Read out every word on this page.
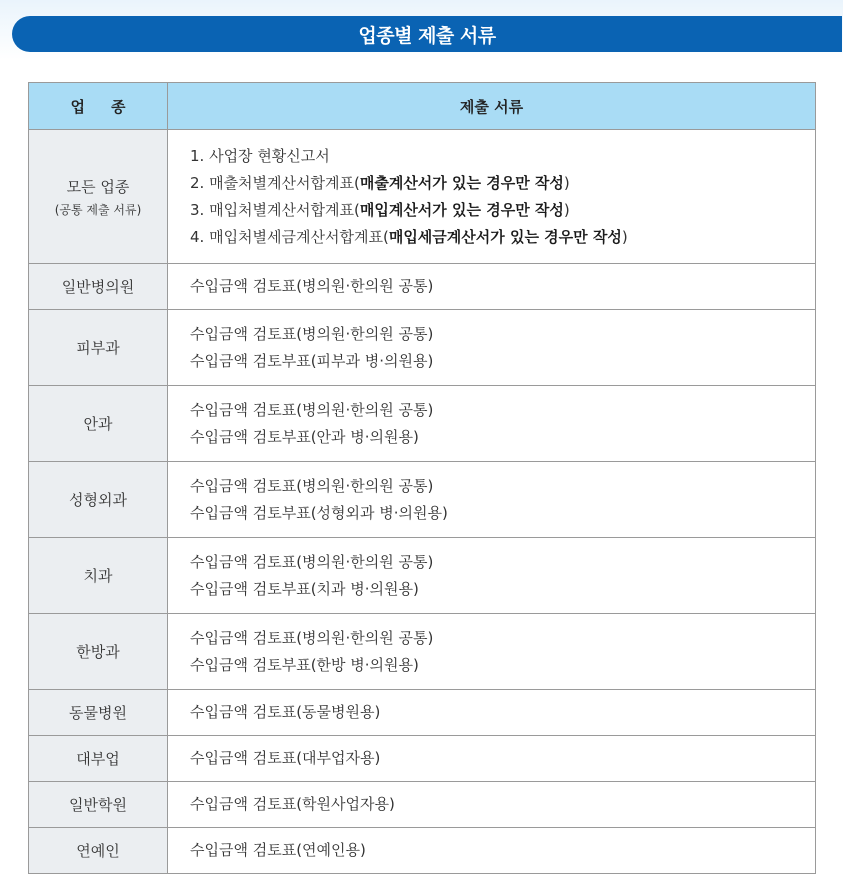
업종별 제출 서류
업 종	제출 서류
모든 업종
(공통 제출 서류)	1. 사업장 현황신고서
2. 매출처별계산서합계표(매출계산서가 있는 경우만 작성)
3. 매입처별계산서합계표(매입계산서가 있는 경우만 작성)
4. 매입처별세금계산서합계표(매입세금계산서가 있는 경우만 작성)

일반병의원	수입금액 검토표(병의원·한의원 공통)

피부과	수입금액 검토표(병의원·한의원 공통)
수입금액 검토부표(피부과 병·의원용)

안과	수입금액 검토표(병의원·한의원 공통)
수입금액 검토부표(안과 병·의원용)

성형외과	수입금액 검토표(병의원·한의원 공통)
수입금액 검토부표(성형외과 병·의원용)

치과	수입금액 검토표(병의원·한의원 공통)
수입금액 검토부표(치과 병·의원용)

한방과	수입금액 검토표(병의원·한의원 공통)
수입금액 검토부표(한방 병·의원용)

동물병원	수입금액 검토표(동물병원용)

대부업	수입금액 검토표(대부업자용)

일반학원	수입금액 검토표(학원사업자용)

연예인	수입금액 검토표(연예인용)
